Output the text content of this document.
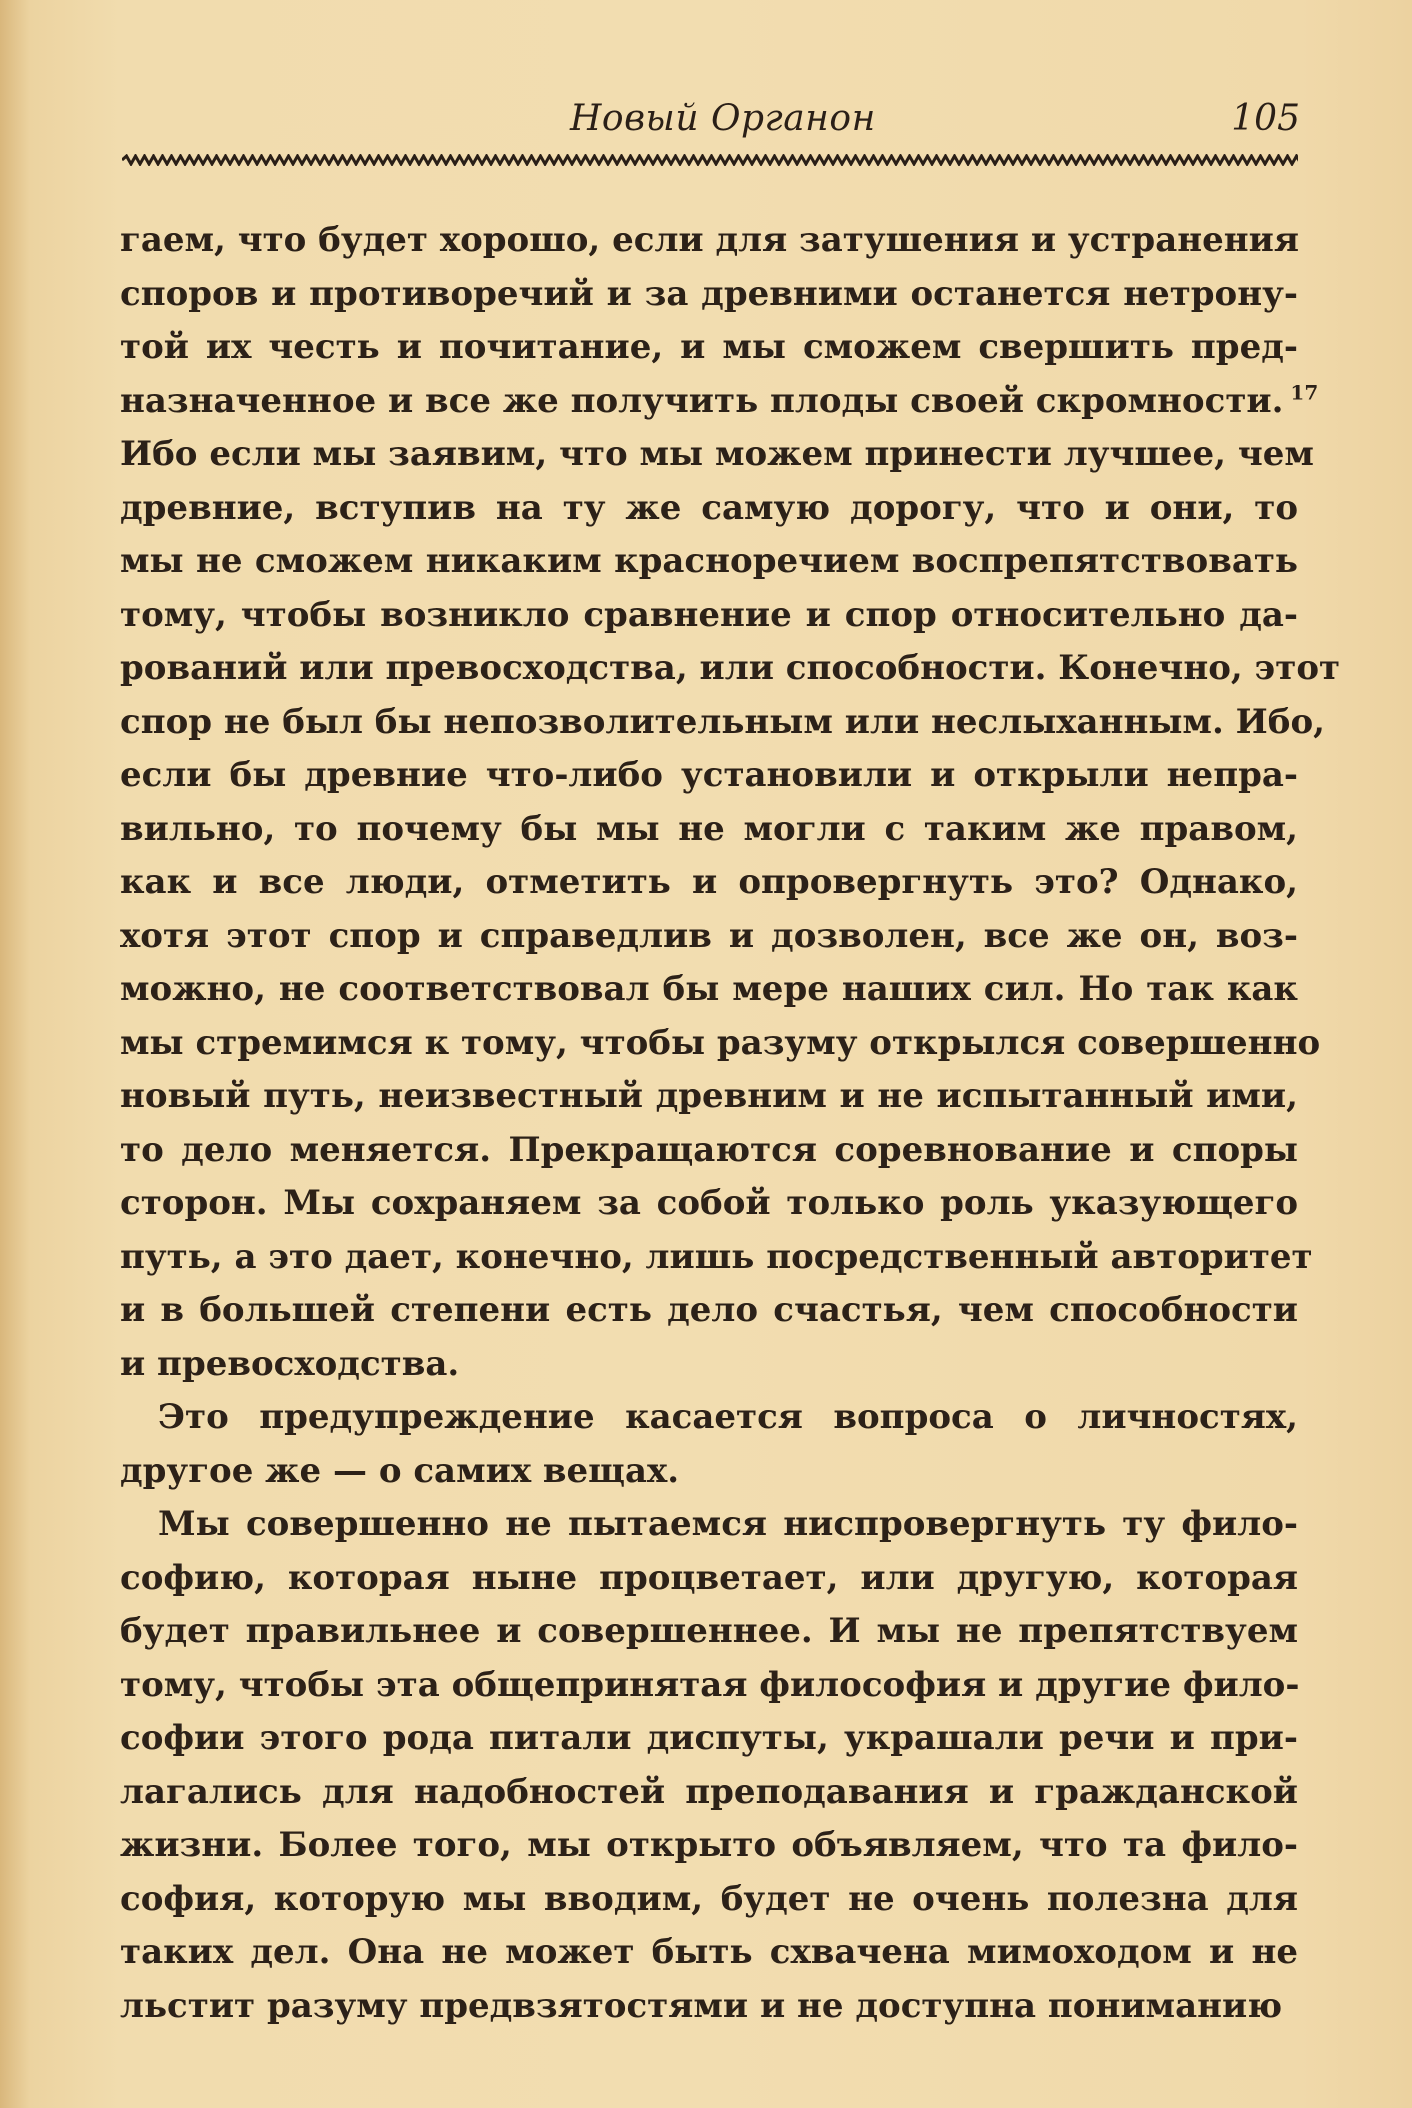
Новый Органон	105
гаем, что будет хорошо, если для затушения и устранения
споров и противоречий и за древними останется нетрону-
той их честь и почитание, и мы сможем свершить пред-
назначенное и все же получить плоды своей скромности. $^{17}$
Ибо если мы заявим, что мы можем принести лучшее, чем
древние, вступив на ту же самую дорогу, что и они, то
мы не сможем никаким красноречием воспрепятствовать
тому, чтобы возникло сравнение и спор относительно да-
рований или превосходства, или способности. Конечно, этот
спор не был бы непозволительным или неслыханным. Ибо,
если бы древние что-либо установили и открыли непра-
вильно, то почему бы мы не могли с таким же правом,
как и все люди, отметить и опровергнуть это? Однако,
хотя этот спор и справедлив и дозволен, все же он, воз-
можно, не соответствовал бы мере наших сил. Но так как
мы стремимся к тому, чтобы разуму открылся совершенно
новый путь, неизвестный древним и не испытанный ими,
то дело меняется. Прекращаются соревнование и споры
сторон. Мы сохраняем за собой только роль указующего
путь, а это дает, конечно, лишь посредственный авторитет
и в большей степени есть дело счастья, чем способности
и превосходства.
Это предупреждение касается вопроса о личностях,
другое же — о самих вещах.
Мы совершенно не пытаемся ниспровергнуть ту фило-
софию, которая ныне процветает, или другую, которая
будет правильнее и совершеннее. И мы не препятствуем
тому, чтобы эта общепринятая философия и другие фило-
софии этого рода питали диспуты, украшали речи и при-
лагались для надобностей преподавания и гражданской
жизни. Более того, мы открыто объявляем, что та фило-
софия, которую мы вводим, будет не очень полезна для
таких дел. Она не может быть схвачена мимоходом и не
льстит разуму предвзятостями и не доступна пониманию
